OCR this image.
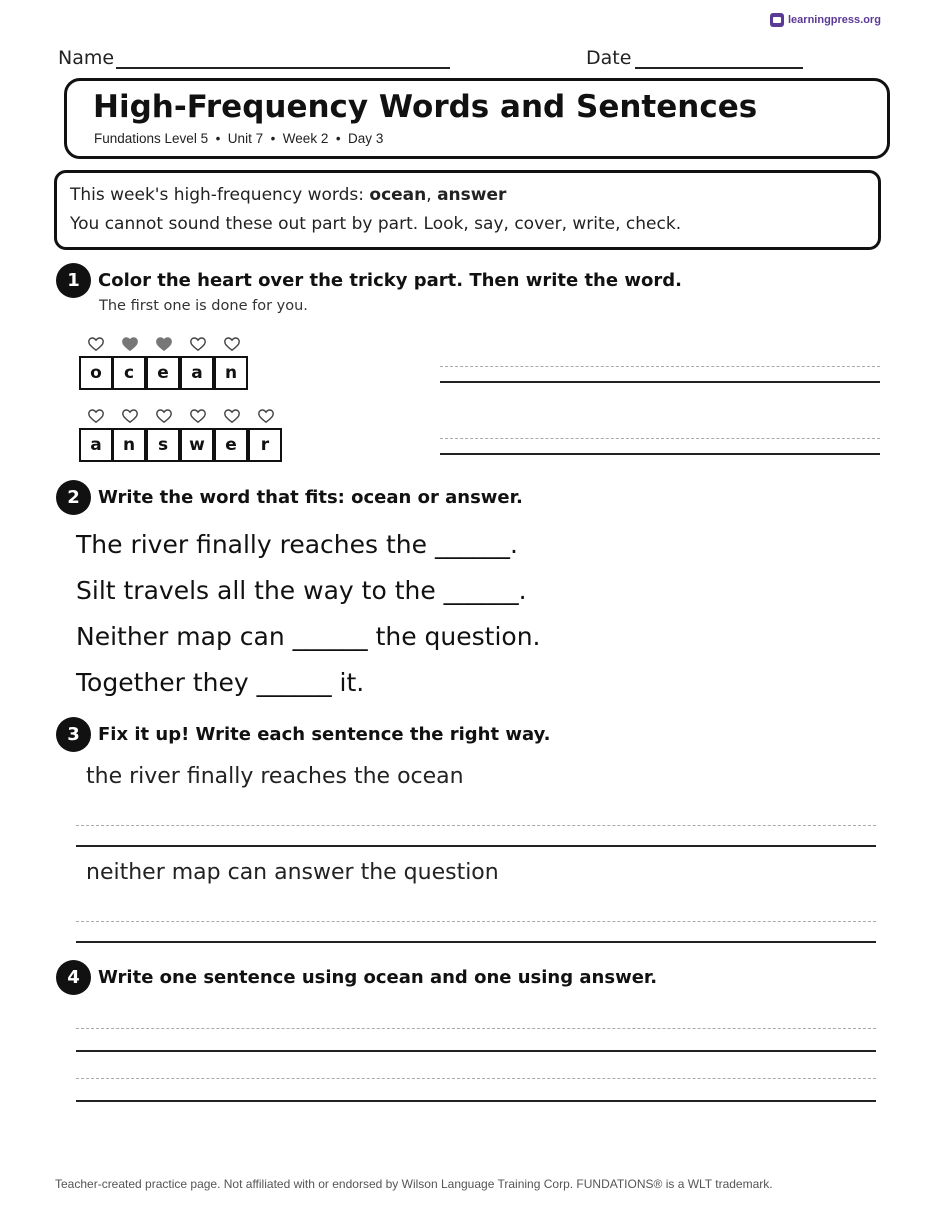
learningpress.org
Name	Date
High-Frequency Words and Sentences
Fundations Level 5  •  Unit 7  •  Week 2  •  Day 3
This week's high-frequency words: ocean, answer
You cannot sound these out part by part. Look, say, cover, write, check.
1	Color the heart over the tricky part. Then write the word.
The first one is done for you.
o	c	e	a	n
a	n	s	w	e	r
2	Write the word that fits: ocean or answer.
The river finally reaches the ______.
Silt travels all the way to the ______.
Neither map can ______ the question.
Together they ______ it.
3	Fix it up! Write each sentence the right way.
the river finally reaches the ocean
neither map can answer the question
4	Write one sentence using ocean and one using answer.
Teacher-created practice page. Not affiliated with or endorsed by Wilson Language Training Corp. FUNDATIONS® is a WLT trademark.
